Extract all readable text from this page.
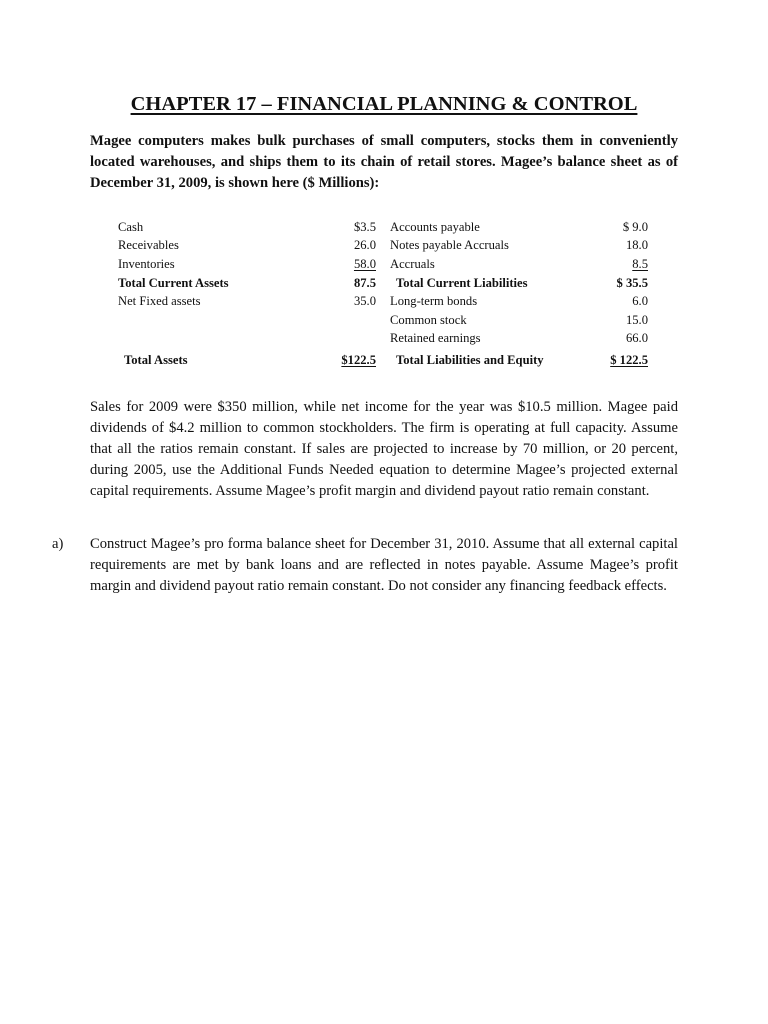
CHAPTER 17 – FINANCIAL PLANNING & CONTROL
Magee computers makes bulk purchases of small computers, stocks them in conveniently located warehouses, and ships them to its chain of retail stores. Magee’s balance sheet as of December 31, 2009, is shown here ($ Millions):
Cash	$3.5	Accounts payable	$ 9.0
Receivables	26.0	Notes payable Accruals	18.0
Inventories	58.0	Accruals	8.5
Total Current Assets	87.5	Total Current Liabilities	$ 35.5
Net Fixed assets	35.0	Long-term bonds	6.0
		Common stock	15.0
		Retained earnings	66.0
Total Assets	$122.5	Total Liabilities and Equity	$ 122.5
Sales for 2009 were $350 million, while net income for the year was $10.5 million. Magee paid dividends of $4.2 million to common stockholders. The firm is operating at full capacity. Assume that all the ratios remain constant. If sales are projected to increase by 70 million, or 20 percent, during 2005, use the Additional Funds Needed equation to determine Magee’s projected external capital requirements. Assume Magee’s profit margin and dividend payout ratio remain constant.
a) Construct Magee’s pro forma balance sheet for December 31, 2010. Assume that all external capital requirements are met by bank loans and are reflected in notes payable. Assume Magee’s profit margin and dividend payout ratio remain constant. Do not consider any financing feedback effects.
